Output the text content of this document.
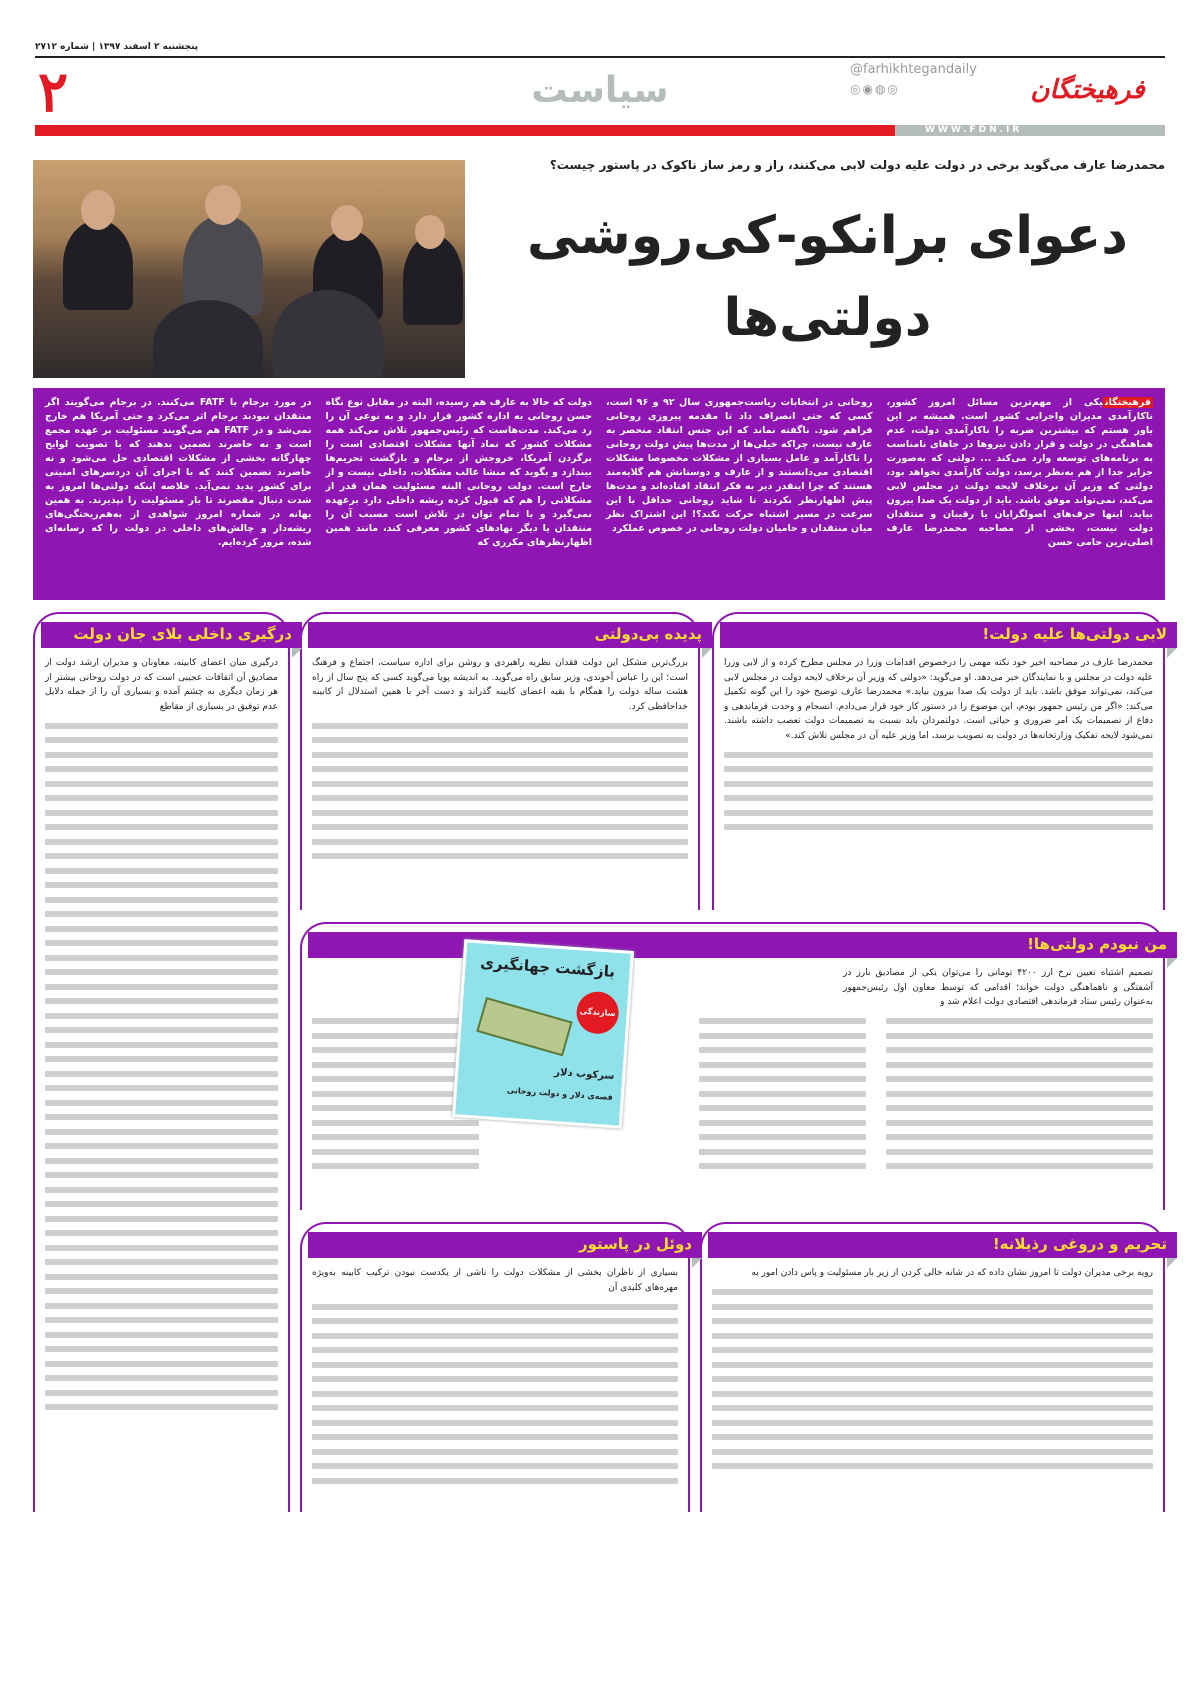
پنجشنبه ۲ اسفند ۱۳۹۷ | شماره ۲۷۱۲
۲	سیاست
@farhikhtegandaily
◎◉◍◎	فرهیختگان
WWW.FDN.IR
محمدرضا عارف می‌گوید برخی در دولت علیه دولت لابی می‌کنند، راز و رمز ساز ناکوک در پاستور چیست؟
دعوای برانکو-کی‌روشی
دولتی‌ها

فرهیختگانیکی از مهم‌ترین مسائل امروز کشور، ناکارآمدی مدیران واجرایی کشور است. همیشه بر این باور هستم که بیشترین ضربه را ناکارآمدی دولت، عدم هماهنگی در دولت و قرار دادن نیروها در جاهای نامناسب به برنامه‌های توسعه وارد می‌کند ... دولتی که به‌صورت جزایر جدا از هم به‌نظر برسد، دولت کارآمدی نخواهد بود، دولتی که وزیر آن برخلاف لایحه دولت در مجلس لابی می‌کند، نمی‌تواند موفق باشد. باید از دولت یک صدا بیرون بیاید. اینها حرف‌های اصولگرایان یا رقیبان و منتقدان دولت نیست، بخشی از مصاحبه محمدرضا عارف اصلی‌ترین حامی حسن

روحانی در انتخابات ریاست‌جمهوری سال ۹۲ و ۹۶ است، کسی که حتی انصراف داد تا مقدمه پیروزی روحانی فراهم شود. ناگفته نماند که این جنس انتقاد منحصر به عارف نیست، چراکه خیلی‌ها از مدت‌ها پیش دولت روحانی را ناکارآمد و عامل بسیاری از مشکلات مخصوصا مشکلات اقتصادی می‌دانستند و از عارف و دوستانش هم گلایه‌مند هستند که چرا اینقدر دیر به فکر انتقاد افتاده‌اند و مدت‌ها پیش اظهارنظر نکردند تا شاید روحانی حداقل با این سرعت در مسیر اشتباه حرکت نکند؟! این اشتراک نظر میان منتقدان و حامیان دولت روحانی در خصوص عملکرد

دولت که حالا به عارف هم رسیده، البته در مقابل نوع نگاه حسن روحانی به اداره کشور قرار دارد و به نوعی آن را رد می‌کند. مدت‌هاست که رئیس‌جمهور تلاش می‌کند همه مشکلات کشور که نماد آنها مشکلات اقتصادی است را برگردن آمریکا، خروجش از برجام و بازگشت تحریم‌ها بیندازد و بگوید که منشا غالب مشکلات، داخلی نیست و از خارج است. دولت روحانی البته مسئولیت همان قدر از مشکلاتی را هم که قبول کرده ریشه داخلی دارد برعهده نمی‌گیرد و با تمام توان در تلاش است مسبب آن را منتقدان یا دیگر نهادهای کشور معرفی کند، مانند همین اظهارنظرهای مکرری که

در مورد برجام با FATF می‌کنند. در برجام می‌گویند اگر منتقدان نبودند برجام اثر می‌کرد و حتی آمریکا هم خارج نمی‌شد و در FATF هم می‌گویند مسئولیت بر عهده مجمع است و نه حاضرند تضمین بدهند که با تصویب لوایح چهارگانه بخشی از مشکلات اقتصادی حل می‌شود و نه حاضرند تضمین کنند که با اجرای آن دردسرهای امنیتی برای کشور پدید نمی‌آید. خلاصه اینکه دولتی‌ها امروز به شدت دنبال مقصرند تا بار مسئولیت را نپذیرند. به همین بهانه در شماره امروز شواهدی از به‌هم‌ریختگی‌های ریشه‌دار و چالش‌های داخلی در دولت را که رسانه‌ای شده، مرور کرده‌ایم.

لابی دولتی‌ها علیه دولت!
محمدرضا عارف در مصاحبه اخیر خود نکته مهمی را درخصوص اقدامات وزرا در مجلس مطرح کرده و از لابی وزرا علیه دولت در مجلس و با نمایندگان خبر می‌دهد. او می‌گوید: «دولتی که وزیر آن برخلاف لایحه دولت در مجلس لابی می‌کند، نمی‌تواند موفق باشد. باید از دولت یک صدا بیرون بیاید.» محمدرضا عارف توضیح خود را این گونه تکمیل می‌کند: «اگر من رئیس جمهور بودم، این موضوع را در دستور کار خود قرار می‌دادم. انسجام و وحدت فرماندهی و دفاع از تصمیمات یک امر ضروری و حیاتی است. دولتمردان باید نسبت به تصمیمات دولت تعصب داشته باشند. نمی‌شود لایحه تفکیک وزارتخانه‌ها در دولت به تصویب برسد، اما وزیر علیه آن در مجلس تلاش کند.»
پدیده بی‌دولتی
بزرگ‌ترین مشکل این دولت فقدان نظریه راهبردی و روشن برای اداره سیاست، اجتماع و فرهنگ است؛ این را عباس آخوندی، وزیر سابق راه می‌گوید. به اندیشه پویا می‌گوید کسی که پنج سال از راه هشت ساله دولت را همگام با بقیه اعضای کابینه گذراند و دست آخر با همین استدلال از کابینه خداحافظی کرد.
درگیری داخلی بلای جان دولت
درگیری میان اعضای کابینه، معاونان و مدیران ارشد دولت از مصادیق آن اتفاقات عجیبی است که در دولت روحانی بیشتر از هر زمان دیگری به چشم آمده و بسیاری آن را از جمله دلایل عدم توفیق در بسیاری از مقاطع
من نبودم دولتی‌ها!
تصمیم اشتباه تعیین نرخ ارز ۴۲۰۰ تومانی را می‌توان یکی از مصادیق بارز در آشفتگی و ناهماهنگی دولت خواند؛ اقدامی که توسط معاون اول رئیس‌جمهور به‌عنوان رئیس ستاد فرماندهی اقتصادی دولت اعلام شد و
بازگشت جهانگیری
سازندگی
سرکوب دلار
قصه‌ی دلار و دولت روحانی
تحریم و دروغی رذیلانه!
رویه برخی مدیران دولت تا امروز نشان داده که در شانه خالی کردن از زیر بار مسئولیت و پاس دادن امور به
دوئل در پاستور
بسیاری از ناظران بخشی از مشکلات دولت را ناشی از یکدست نبودن ترکیب کابینه به‌ویژه مهره‌های کلیدی آن
